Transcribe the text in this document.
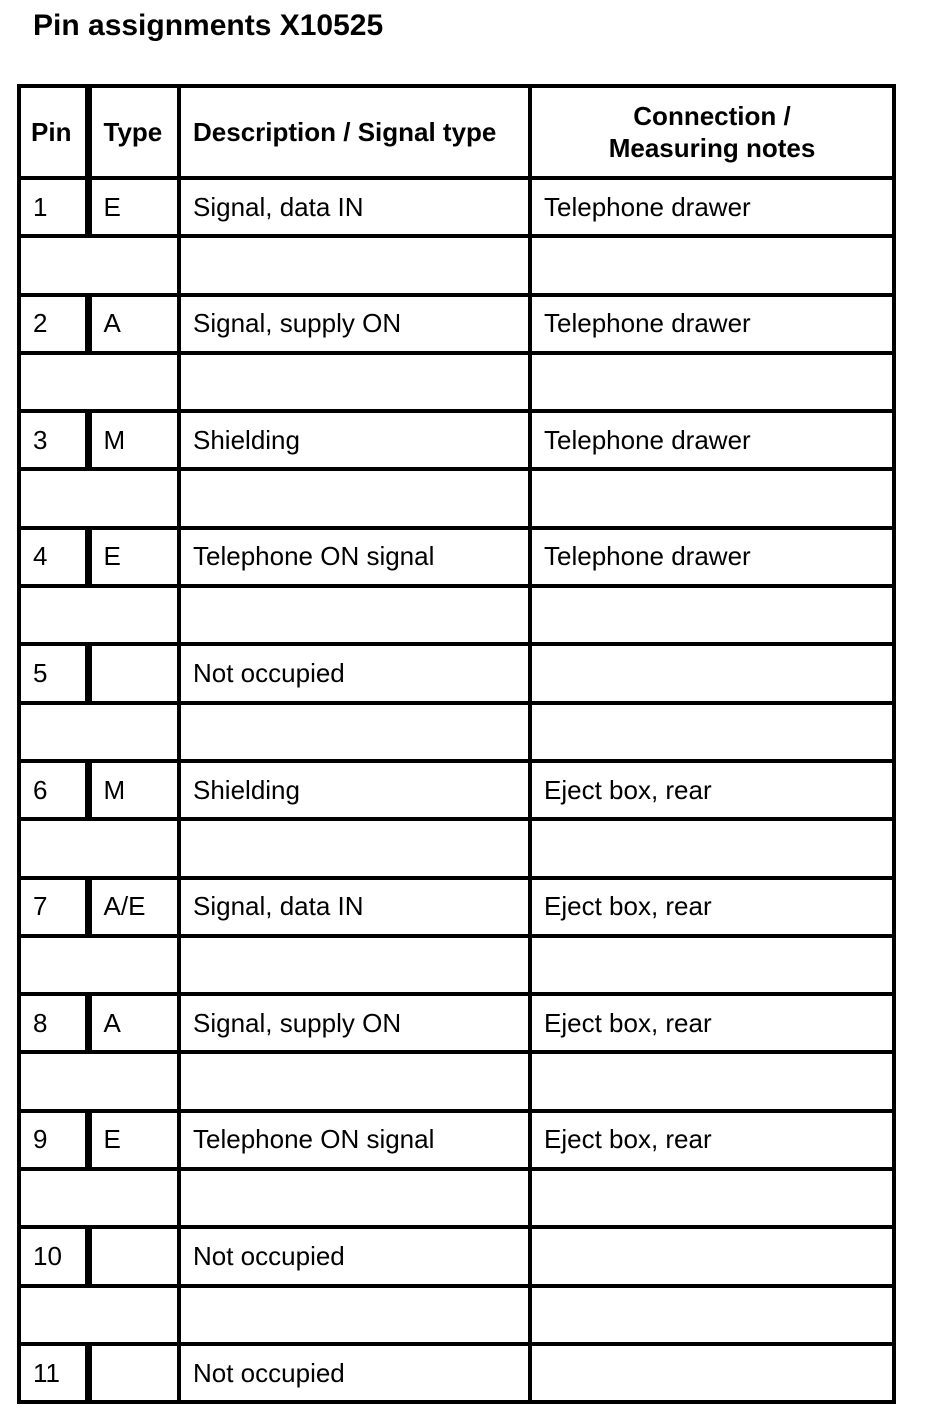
Pin assignments X10525
Pin	Type	Description / Signal type	Connection /
Measuring notes

1	E	Signal, data IN	Telephone drawer

2	A	Signal, supply ON	Telephone drawer

3	M	Shielding	Telephone drawer

4	E	Telephone ON signal	Telephone drawer

5		Not occupied	

6	M	Shielding	Eject box, rear

7	A/E	Signal, data IN	Eject box, rear

8	A	Signal, supply ON	Eject box, rear

9	E	Telephone ON signal	Eject box, rear

10		Not occupied	

11		Not occupied	
